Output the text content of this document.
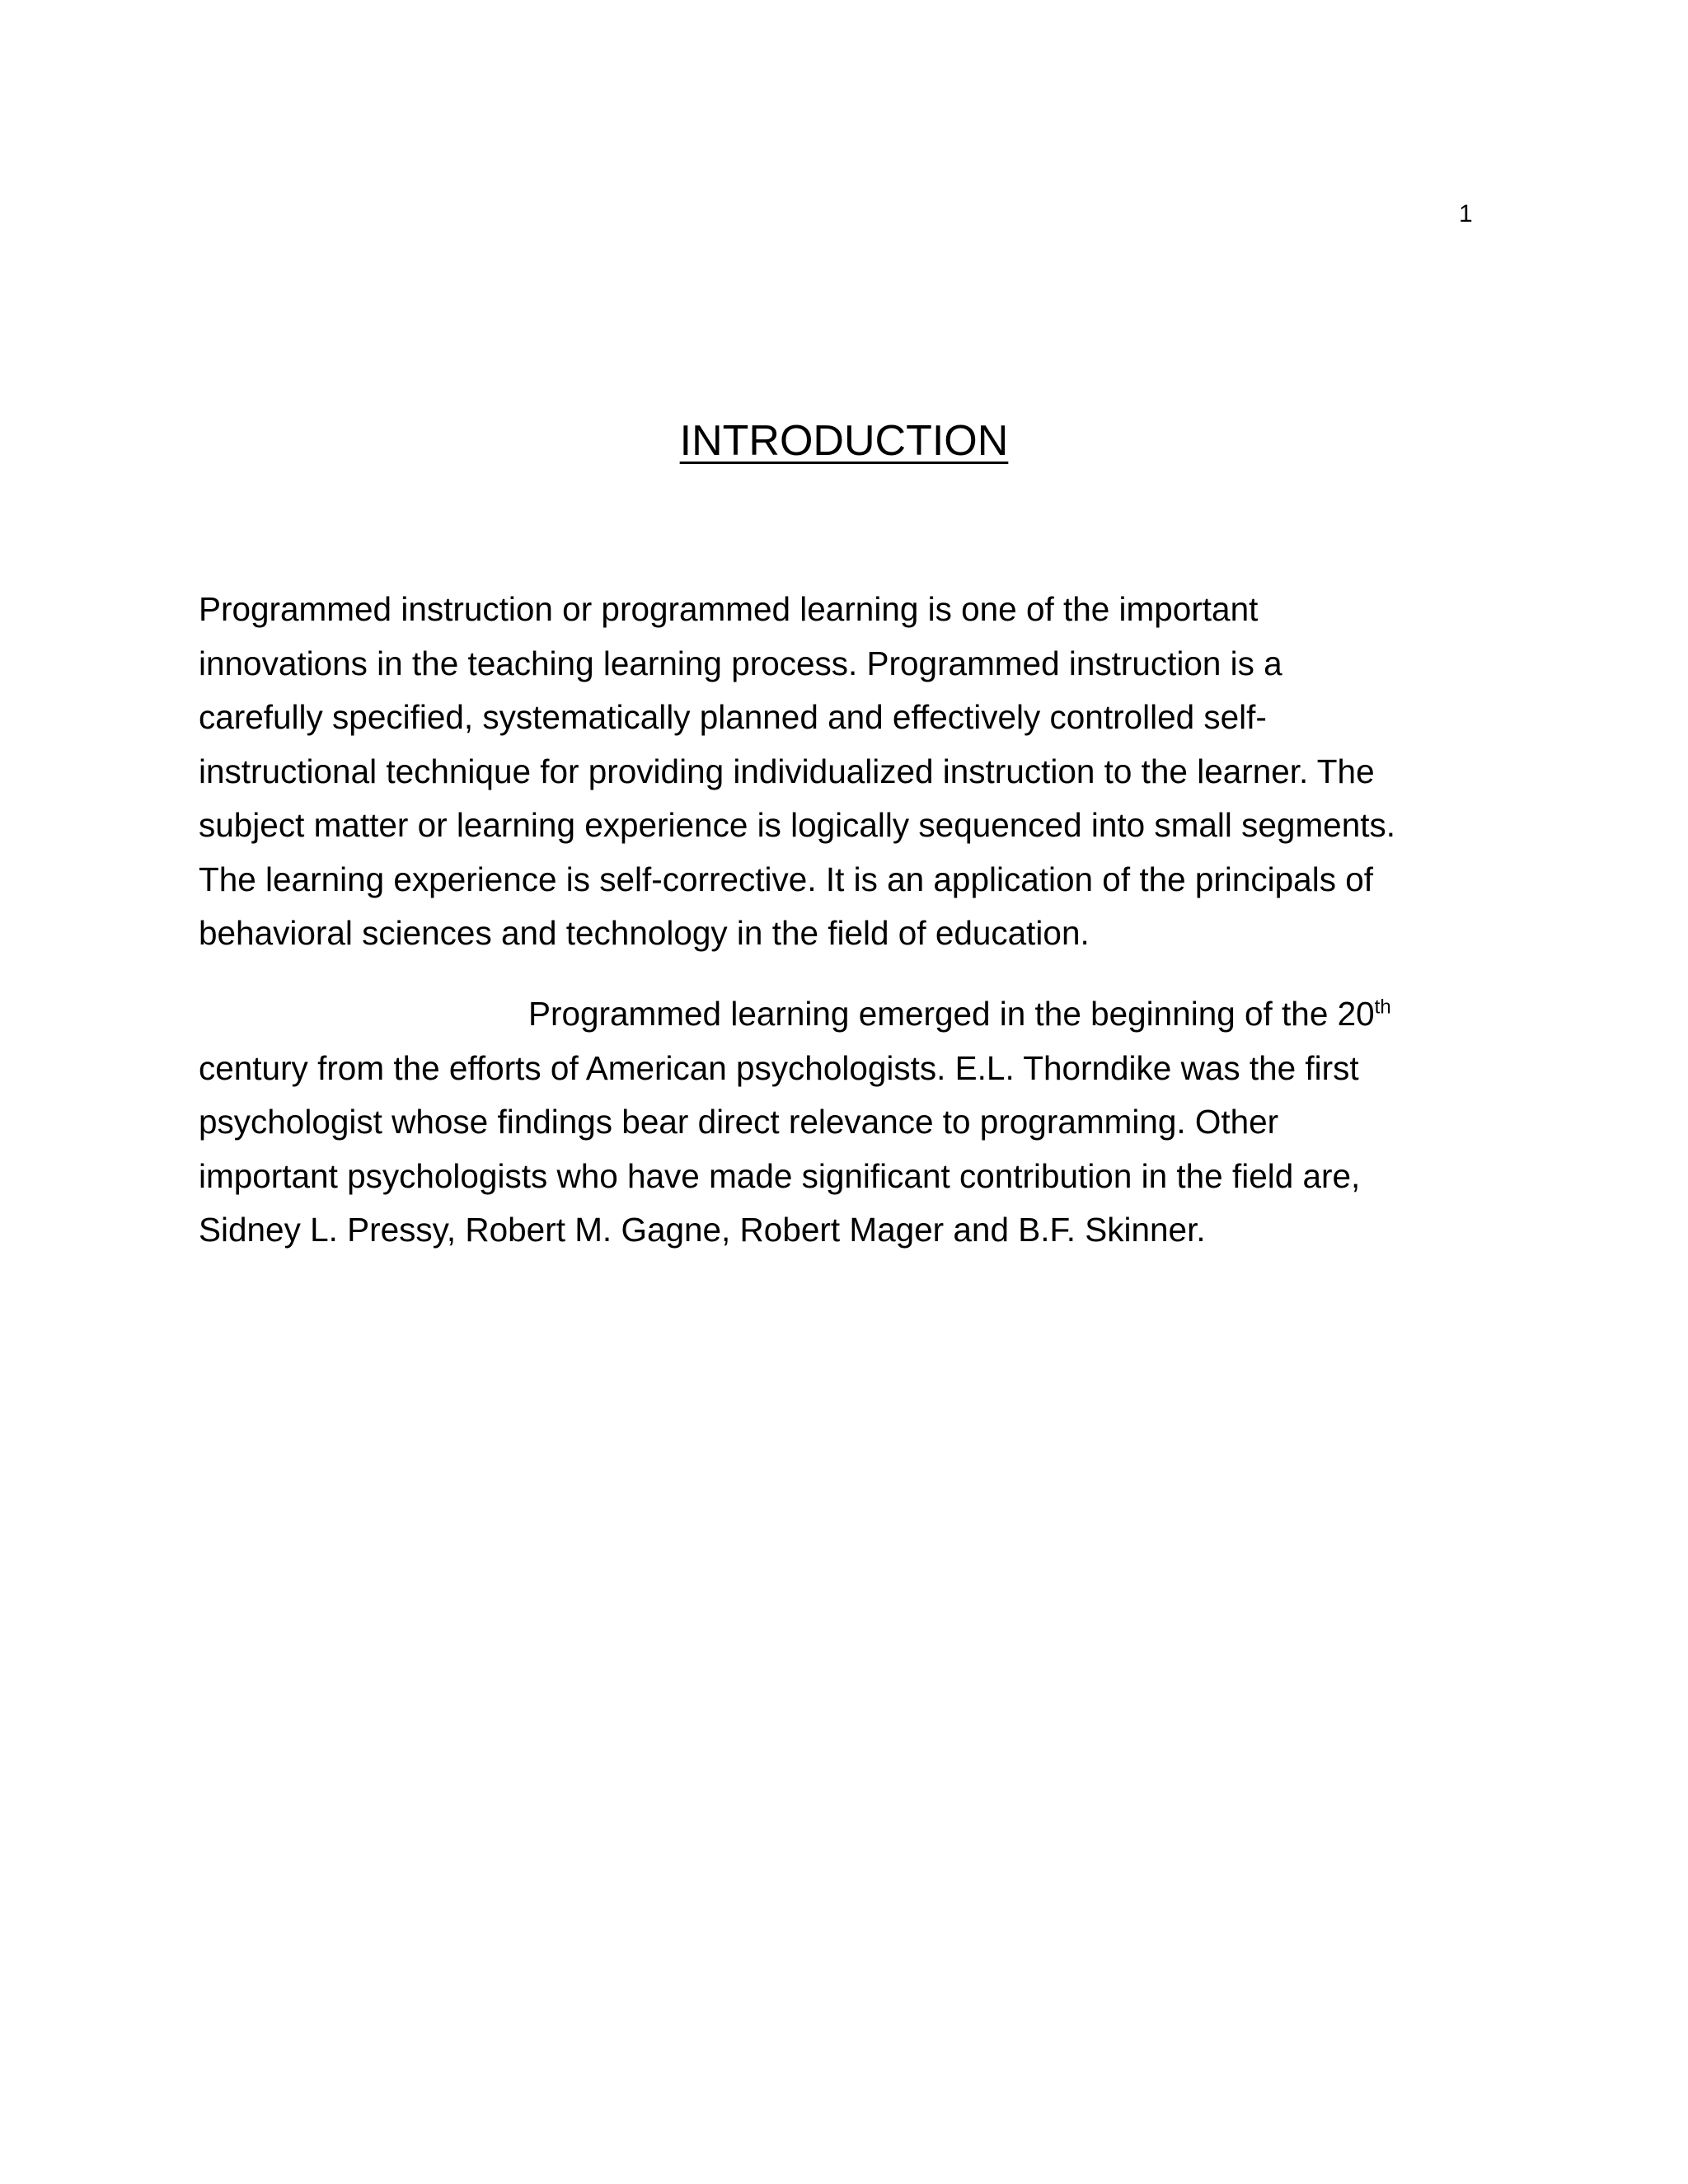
1
INTRODUCTION
Programmed instruction or programmed learning is one of the important
innovations in the teaching learning process. Programmed instruction is a
carefully specified, systematically planned and effectively controlled self-
instructional technique for providing individualized instruction to the learner. The
subject matter or learning experience is logically sequenced into small segments.
The learning experience is self-corrective. It is an application of the principals of
behavioral sciences and technology in the field of education.
Programmed learning emerged in the beginning of the 20th
century from the efforts of American psychologists. E.L. Thorndike was the first
psychologist whose findings bear direct relevance to programming. Other
important psychologists who have made significant contribution in the field are,
Sidney L. Pressy, Robert M. Gagne, Robert Mager and B.F. Skinner.
